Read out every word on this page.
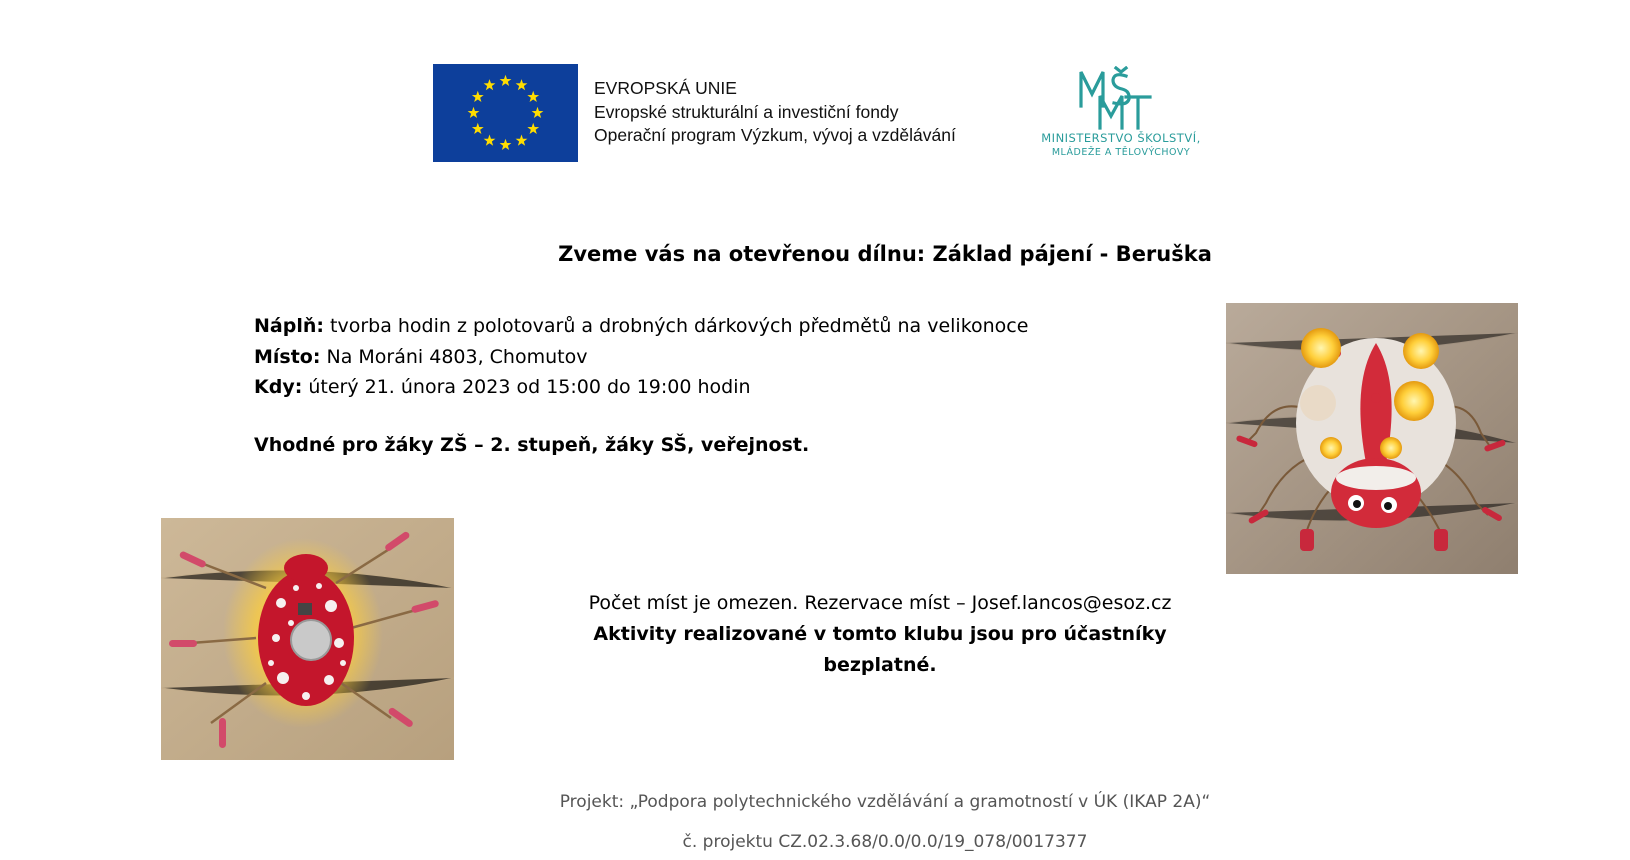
EVROPSKÁ UNIE
Evropské strukturální a investiční fondy
Operační program Výzkum, vývoj a vzdělávání	MINISTERSTVO ŠKOLSTVÍ,
MLÁDEŽE A TĚLOVÝCHOVY
Zveme vás na otevřenou dílnu: Základ pájení - Beruška
Náplň: tvorba hodin z polotovarů a drobných dárkových předmětů na velikonoce
Místo: Na Moráni 4803, Chomutov
Kdy: úterý 21. února 2023 od 15:00 do 19:00 hodin
Vhodné pro žáky ZŠ – 2. stupeň, žáky SŠ, veřejnost.
Počet míst je omezen. Rezervace míst – Josef.lancos@esoz.cz
Aktivity realizované v tomto klubu jsou pro účastníky bezplatné.
Projekt: „Podpora polytechnického vzdělávání a gramotností v ÚK (IKAP 2A)“
č. projektu CZ.02.3.68/0.0/0.0/19_078/0017377
